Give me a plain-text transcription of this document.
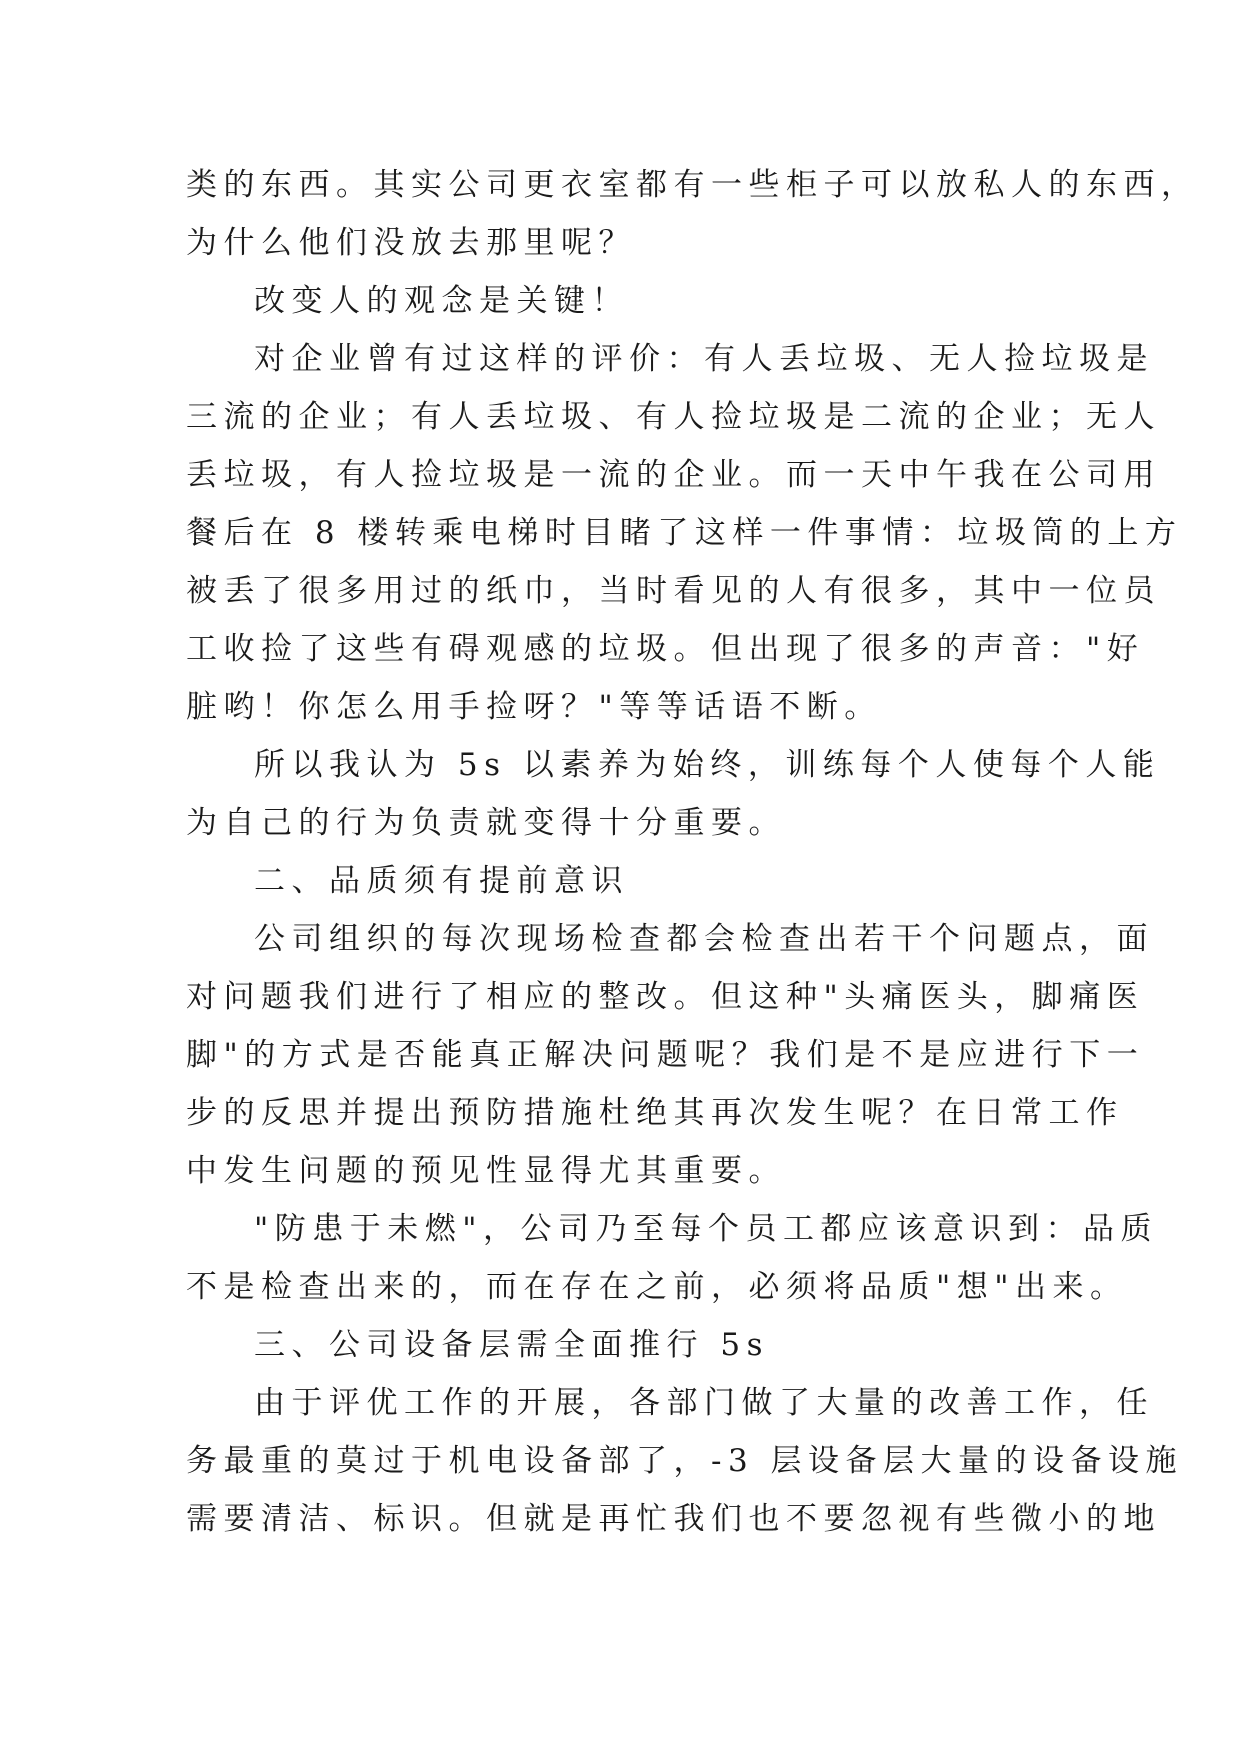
类的东西。其实公司更衣室都有一些柜子可以放私人的东西，
为什么他们没放去那里呢？

改变人的观念是关键！

对企业曾有过这样的评价：有人丢垃圾、无人捡垃圾是
三流的企业；有人丢垃圾、有人捡垃圾是二流的企业；无人
丢垃圾，有人捡垃圾是一流的企业。而一天中午我在公司用
餐后在 8 楼转乘电梯时目睹了这样一件事情：垃圾筒的上方
被丢了很多用过的纸巾，当时看见的人有很多，其中一位员
工收捡了这些有碍观感的垃圾。但出现了很多的声音："好
脏哟！你怎么用手捡呀？"等等话语不断。

所以我认为 5s 以素养为始终，训练每个人使每个人能
为自己的行为负责就变得十分重要。

二、品质须有提前意识

公司组织的每次现场检查都会检查出若干个问题点，面
对问题我们进行了相应的整改。但这种"头痛医头，脚痛医
脚"的方式是否能真正解决问题呢？我们是不是应进行下一
步的反思并提出预防措施杜绝其再次发生呢？在日常工作
中发生问题的预见性显得尤其重要。

"防患于未燃"，公司乃至每个员工都应该意识到：品质
不是检查出来的，而在存在之前，必须将品质"想"出来。

三、公司设备层需全面推行 5s

由于评优工作的开展，各部门做了大量的改善工作，任
务最重的莫过于机电设备部了，-3 层设备层大量的设备设施
需要清洁、标识。但就是再忙我们也不要忽视有些微小的地
